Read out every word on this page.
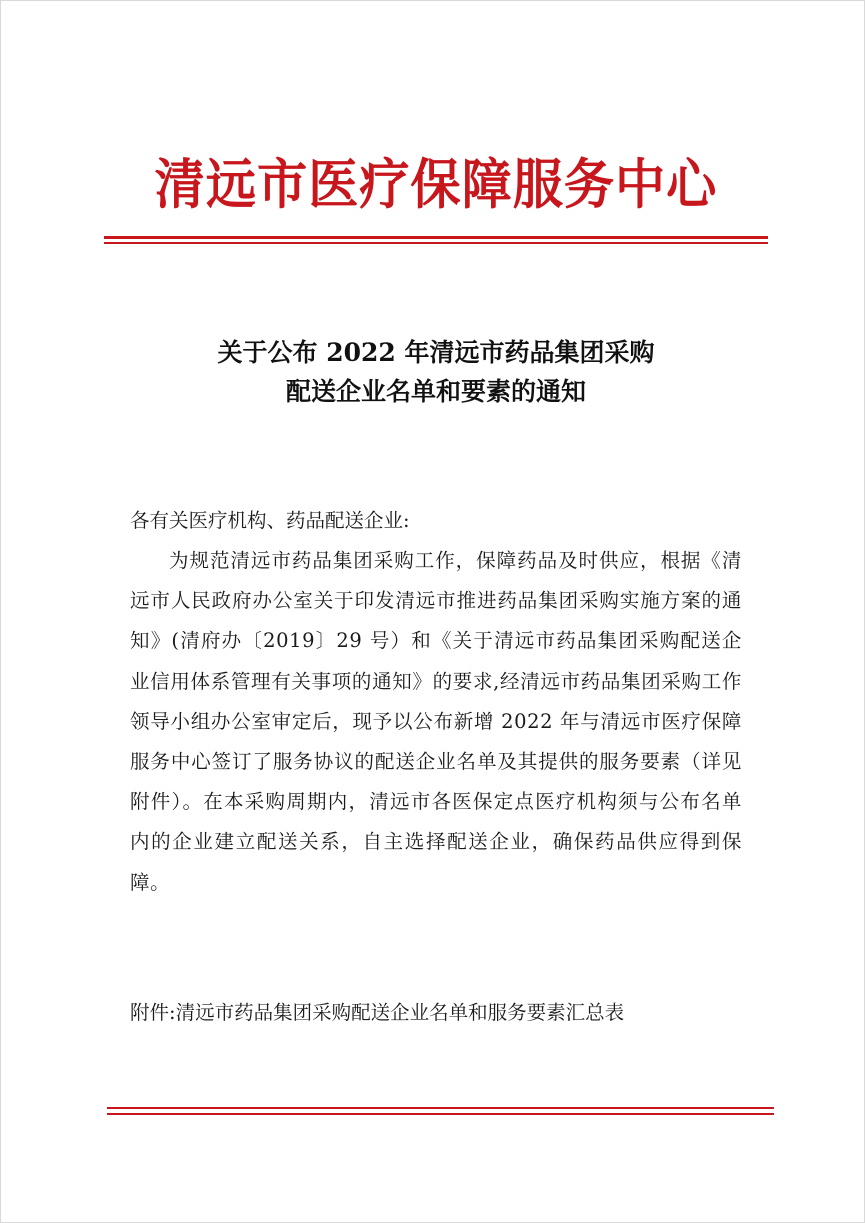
清远市医疗保障服务中心
关于公布 2022 年清远市药品集团采购
配送企业名单和要素的通知
各有关医疗机构、药品配送企业:
为规范清远市药品集团采购工作，保障药品及时供应，根据《清远市人民政府办公室关于印发清远市推进药品集团采购实施方案的通知》(清府办〔2019〕29 号）和《关于清远市药品集团采购配送企业信用体系管理有关事项的通知》的要求,经清远市药品集团采购工作领导小组办公室审定后，现予以公布新增 2022 年与清远市医疗保障服务中心签订了服务协议的配送企业名单及其提供的服务要素（详见附件）。在本采购周期内，清远市各医保定点医疗机构须与公布名单内的企业建立配送关系，自主选择配送企业，确保药品供应得到保障。
附件:清远市药品集团采购配送企业名单和服务要素汇总表
